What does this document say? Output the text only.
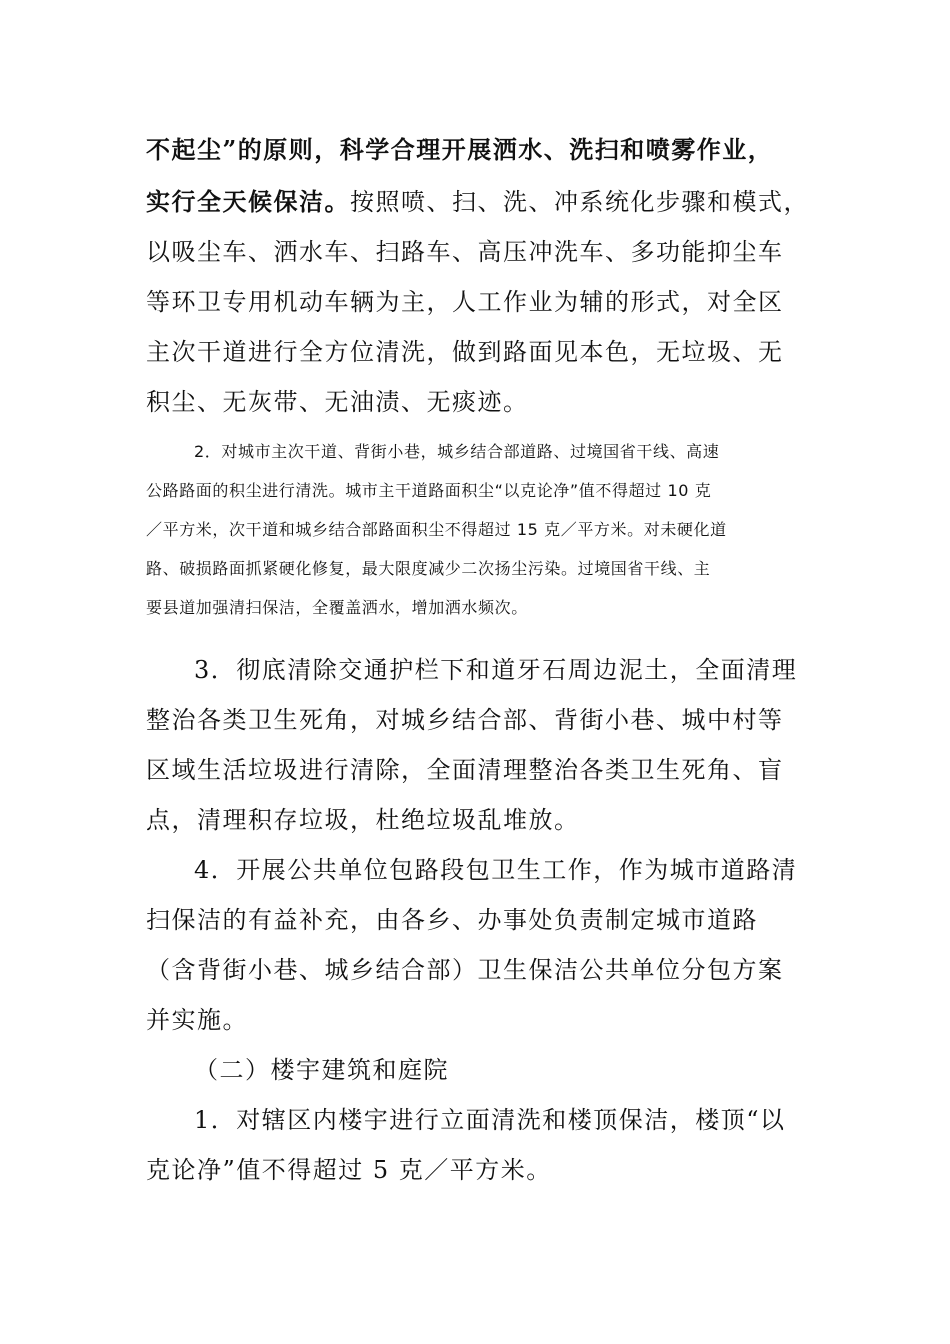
不起尘”的原则，科学合理开展洒水、洗扫和喷雾作业，
实行全天候保洁。按照喷、扫、洗、冲系统化步骤和模式，
以吸尘车、洒水车、扫路车、高压冲洗车、多功能抑尘车
等环卫专用机动车辆为主，人工作业为辅的形式，对全区
主次干道进行全方位清洗，做到路面见本色，无垃圾、无
积尘、无灰带、无油渍、无痰迹。
2．对城市主次干道、背街小巷，城乡结合部道路、过境国省干线、高速
公路路面的积尘进行清洗。城市主干道路面积尘“以克论净”值不得超过 10 克
／平方米，次干道和城乡结合部路面积尘不得超过 15 克／平方米。对未硬化道
路、破损路面抓紧硬化修复，最大限度减少二次扬尘污染。过境国省干线、主
要县道加强清扫保洁，全覆盖洒水，增加洒水频次。
3．彻底清除交通护栏下和道牙石周边泥土，全面清理
整治各类卫生死角，对城乡结合部、背街小巷、城中村等
区域生活垃圾进行清除，全面清理整治各类卫生死角、盲
点，清理积存垃圾，杜绝垃圾乱堆放。
4．开展公共单位包路段包卫生工作，作为城市道路清
扫保洁的有益补充，由各乡、办事处负责制定城市道路
（含背街小巷、城乡结合部）卫生保洁公共单位分包方案
并实施。
（二）楼宇建筑和庭院
1．对辖区内楼宇进行立面清洗和楼顶保洁，楼顶“以
克论净”值不得超过 5 克／平方米。
